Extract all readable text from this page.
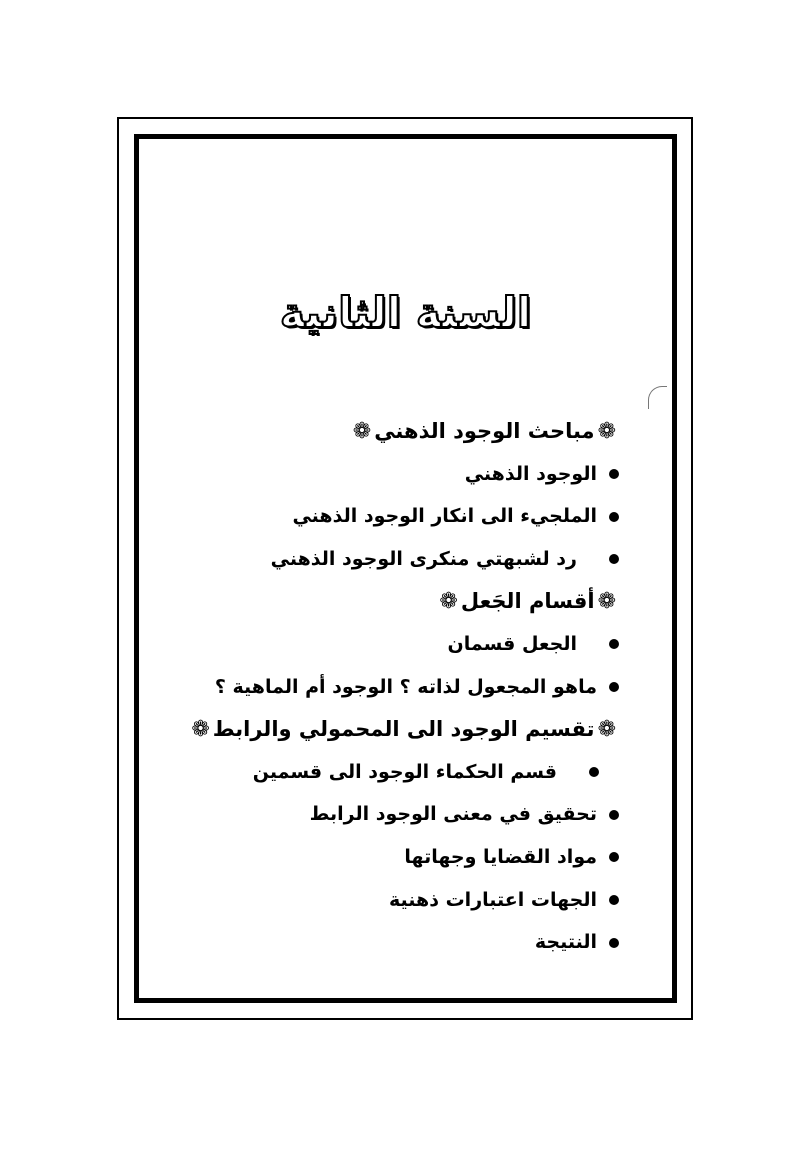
السنة الثانية
❁مباحث الوجود الذهني❁
الوجود الذهني
الملجيء الى انكار الوجود الذهني
رد لشبهتي منكرى الوجود الذهني
❁أقسام الجَعل❁
الجعل قسمان
ماهو المجعول لذاته ؟ الوجود أم الماهية ؟
❁تقسيم الوجود الى المحمولي والرابط❁
قسم الحكماء الوجود الى قسمين
تحقيق في معنى الوجود الرابط
مواد القضايا وجهاتها
الجهات اعتبارات ذهنية
النتيجة
